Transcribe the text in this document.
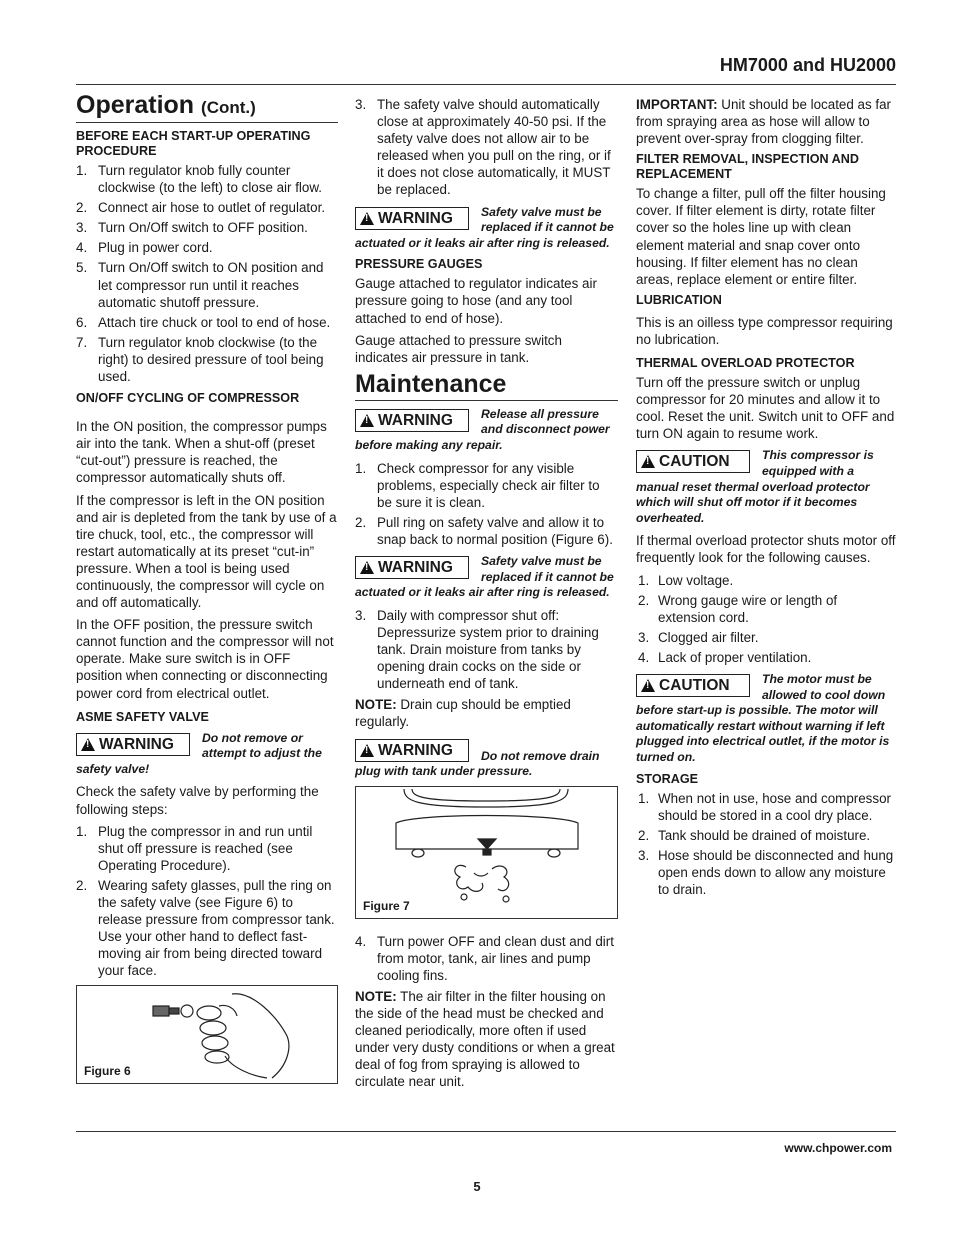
HM7000 and HU2000
Operation (Cont.)
BEFORE EACH START-UP OPERATING PROCEDURE
1. Turn regulator knob fully counter clockwise (to the left) to close air flow.
2. Connect air hose to outlet of regulator.
3. Turn On/Off switch to OFF position.
4. Plug in power cord.
5. Turn On/Off switch to ON position and let compressor run until it reaches automatic shutoff pressure.
6. Attach tire chuck or tool to end of hose.
7. Turn regulator knob clockwise (to the right) to desired pressure of tool being used.
ON/OFF CYCLING OF COMPRESSOR

In the ON position, the compressor pumps air into the tank. When a shut-off (preset “cut-out”) pressure is reached, the compressor automatically shuts off.

If the compressor is left in the ON position and air is depleted from the tank by use of a tire chuck, tool, etc., the compressor will restart automatically at its preset “cut-in” pressure. When a tool is being used continuously, the compressor will cycle on and off automatically.

In the OFF position, the pressure switch cannot function and the compressor will not operate. Make sure switch is in OFF position when connecting or disconnecting power cord from electrical outlet.

ASME SAFETY VALVE
!
WARNING	Do not remove or attempt to adjust the safety valve!

Check the safety valve by performing the following steps:

1. Plug the compressor in and run until shut off pressure is reached (see Operating Procedure).
2. Wearing safety glasses, pull the ring on the safety valve (see Figure 6) to release pressure from compressor tank. Use your other hand to deflect fast-moving air from being directed toward your face.
Figure 6
3. The safety valve should automatically close at approximately 40-50 psi. If the safety valve does not allow air to be released when you pull on the ring, or if it does not close automatically, it MUST be replaced.
!
WARNING	Safety valve must be replaced if it cannot be actuated or it leaks air after ring is released.
PRESSURE GAUGES

Gauge attached to regulator indicates air pressure going to hose (and any tool attached to end of hose).

Gauge attached to pressure switch indicates air pressure in tank.

Maintenance
!
WARNING	Release all pressure and disconnect power before making any repair.
1. Check compressor for any visible problems, especially check air filter to be sure it is clean.
2. Pull ring on safety valve and allow it to snap back to normal position (Figure 6).
!
WARNING	Safety valve must be replaced if it cannot be actuated or it leaks air after ring is released.
3. Daily with compressor shut off: Depressurize system prior to draining tank. Drain moisture from tanks by opening drain cocks on the side or underneath end of tank.

NOTE: Drain cup should be emptied regularly.

!
WARNING	Do not remove drain plug with tank under pressure.
Figure 7
4. Turn power OFF and clean dust and dirt from motor, tank, air lines and pump cooling fins.

NOTE: The air filter in the filter housing on the side of the head must be checked and cleaned periodically, more often if used under very dusty conditions or when a great deal of fog from spraying is allowed to circulate near unit.

IMPORTANT: Unit should be located as far from spraying area as hose will allow to prevent over-spray from clogging filter.

FILTER REMOVAL, INSPECTION AND REPLACEMENT

To change a filter, pull off the filter housing cover. If filter element is dirty, rotate filter cover so the holes line up with clean element material and snap cover onto housing. If filter element has no clean areas, replace element or entire filter.

LUBRICATION

This is an oilless type compressor requiring no lubrication.

THERMAL OVERLOAD PROTECTOR

Turn off the pressure switch or unplug compressor for 20 minutes and allow it to cool. Reset the unit. Switch unit to OFF and turn ON again to resume work.

!
CAUTION	This compressor is equipped with a manual reset thermal overload protector which will shut off motor if it becomes overheated.

If thermal overload protector shuts motor off frequently look for the following causes.

1. Low voltage.
2. Wrong gauge wire or length of extension cord.
3. Clogged air filter.
4. Lack of proper ventilation.
!
CAUTION	The motor must be allowed to cool down before start-up is possible. The motor will automatically restart without warning if left plugged into electrical outlet, if the motor is turned on.
STORAGE
1. When not in use, hose and compressor should be stored in a cool dry place.
2. Tank should be drained of moisture.
3. Hose should be disconnected and hung open ends down to allow any moisture to drain.
www.chpower.com
5
